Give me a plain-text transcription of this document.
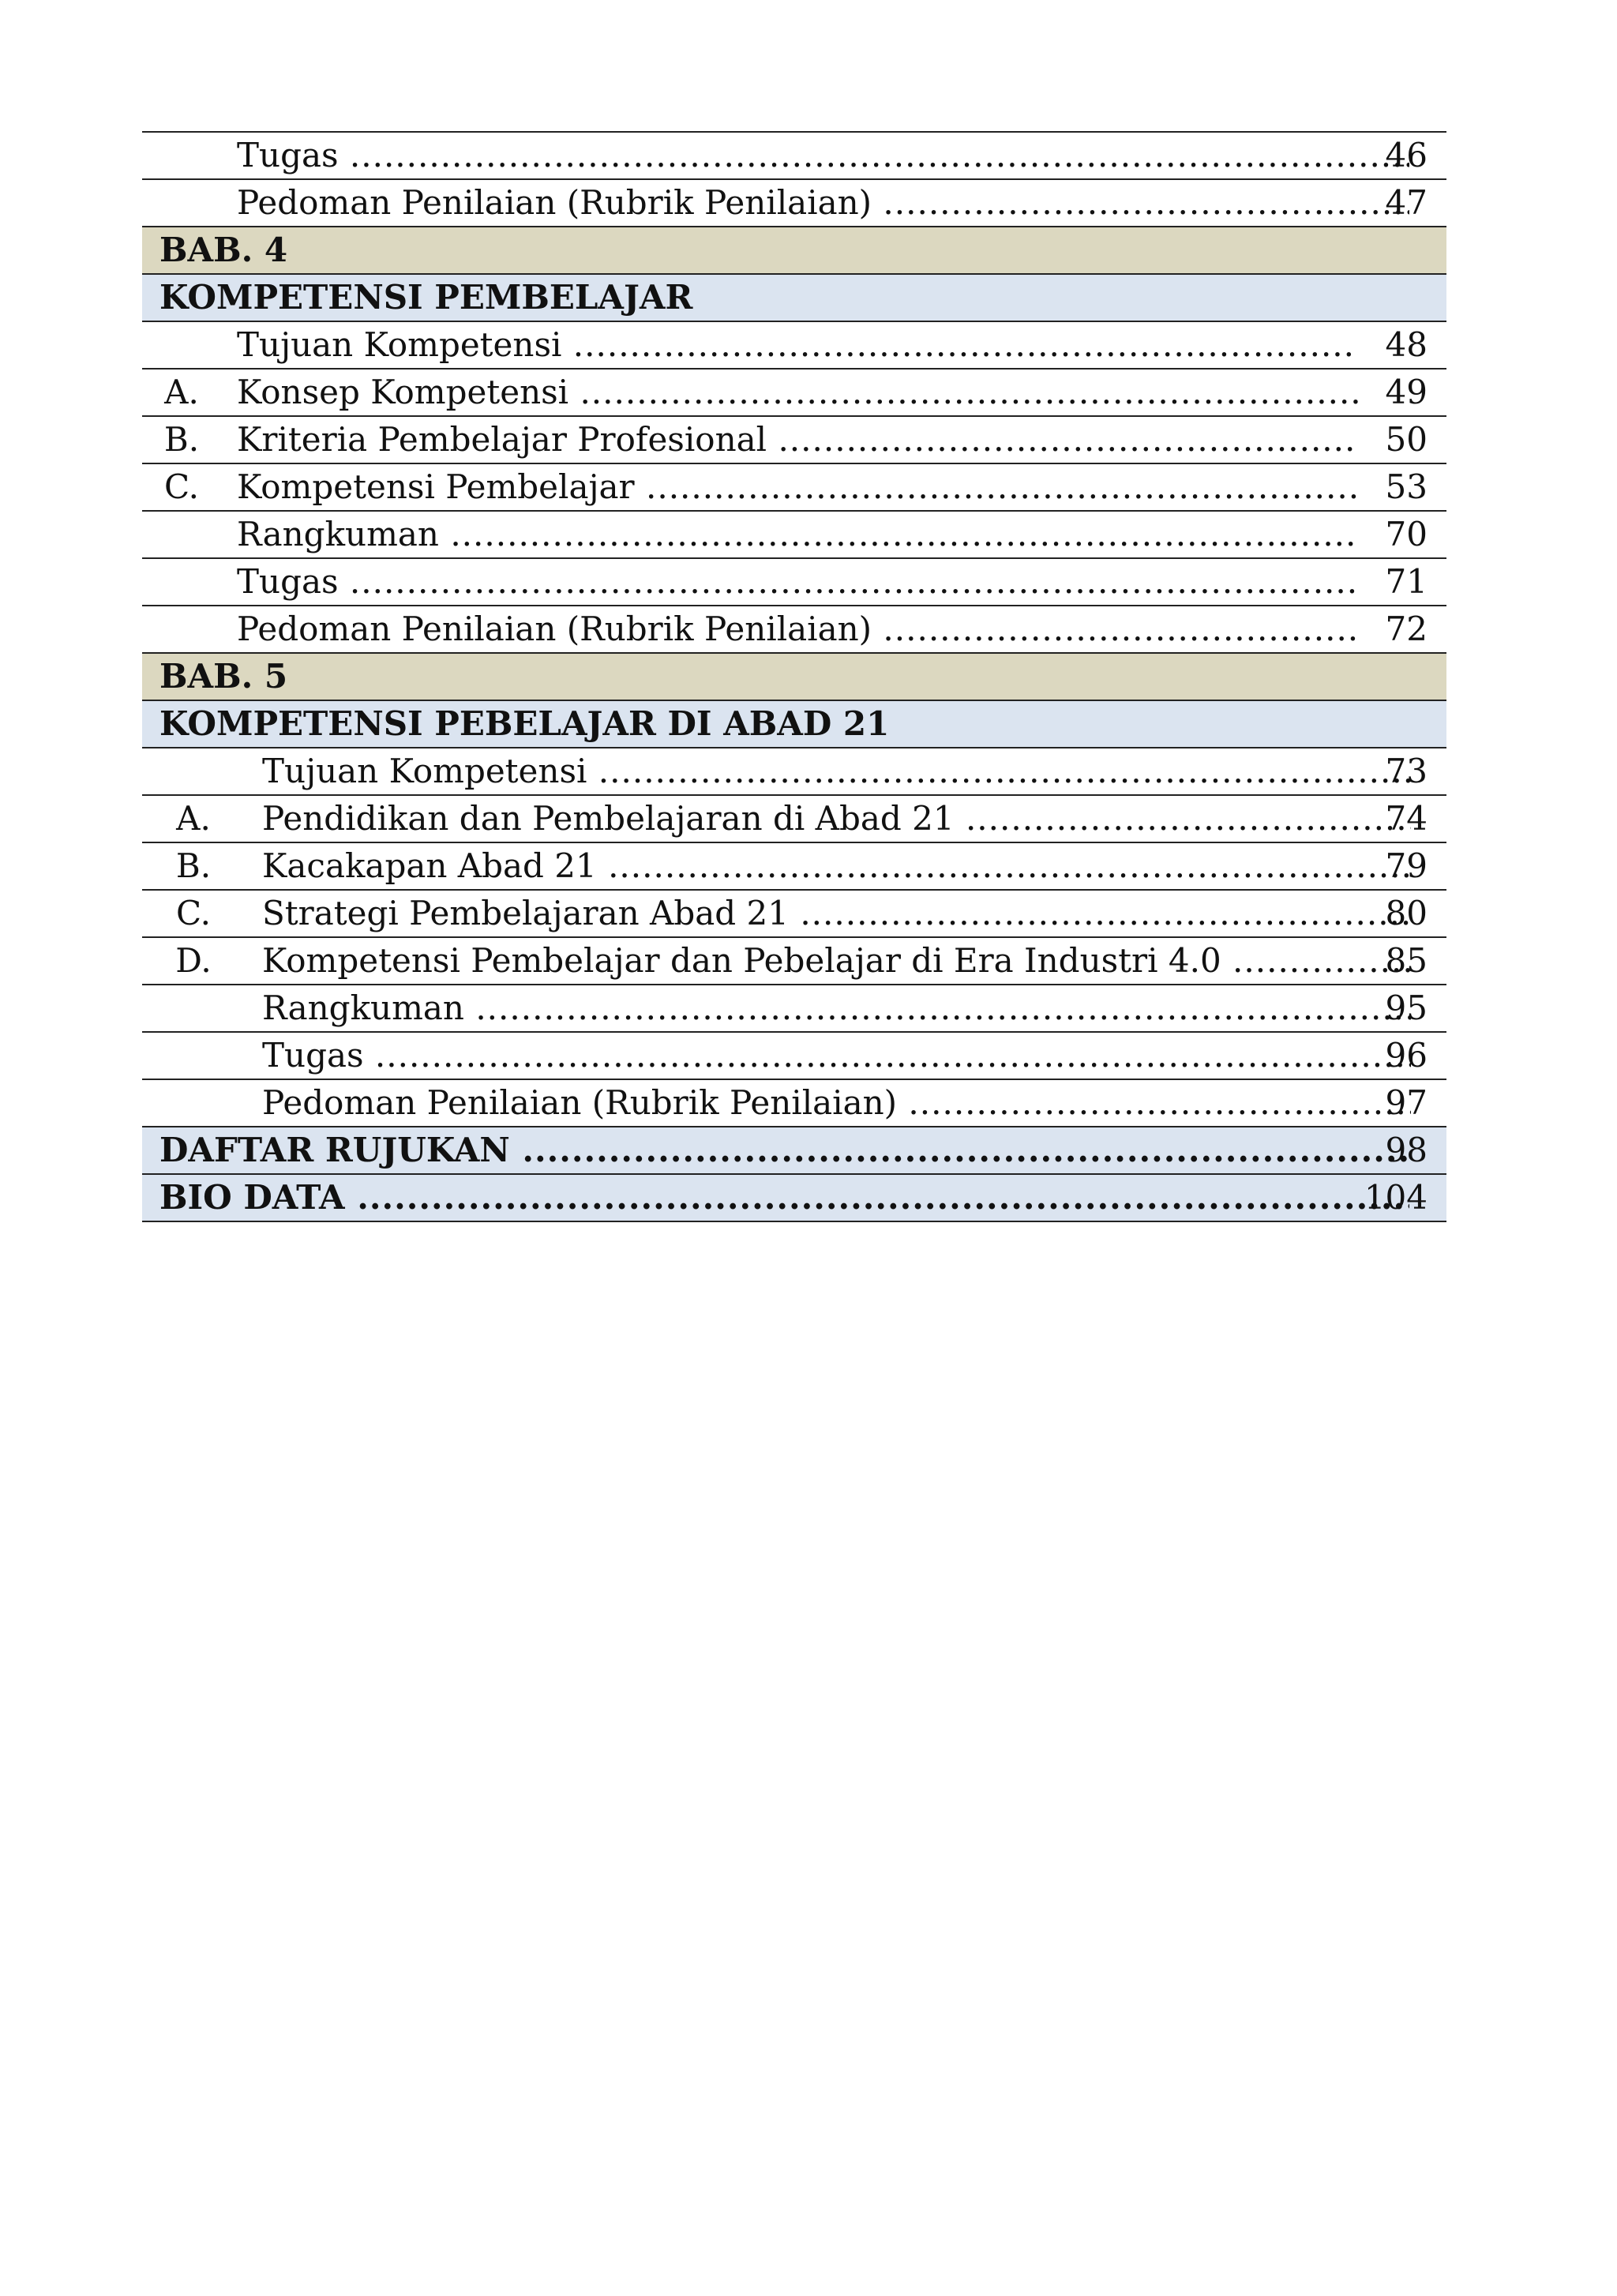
Tugas .....	46
Pedoman Penilaian (Rubrik Penilaian) .....	47
BAB. 4
KOMPETENSI PEMBELAJAR
Tujuan Kompetensi .....	48
A.	Konsep Kompetensi .....	49
B.	Kriteria Pembelajar Profesional .....	50
C.	Kompetensi Pembelajar .....	53
Rangkuman .....	70
Tugas .....	71
Pedoman Penilaian (Rubrik Penilaian) .....	72
BAB. 5
KOMPETENSI PEBELAJAR DI ABAD 21
Tujuan Kompetensi .....	73
A.	Pendidikan dan Pembelajaran di Abad 21 .....	74
B.	Kacakapan Abad 21 .....	79
C.	Strategi Pembelajaran Abad 21 .....	80
D.	Kompetensi Pembelajar dan Pebelajar di Era Industri 4.0 .....	85
Rangkuman .....	95
Tugas .....	96
Pedoman Penilaian (Rubrik Penilaian) .....	97
DAFTAR RUJUKAN .....	98
BIO DATA .....	104
